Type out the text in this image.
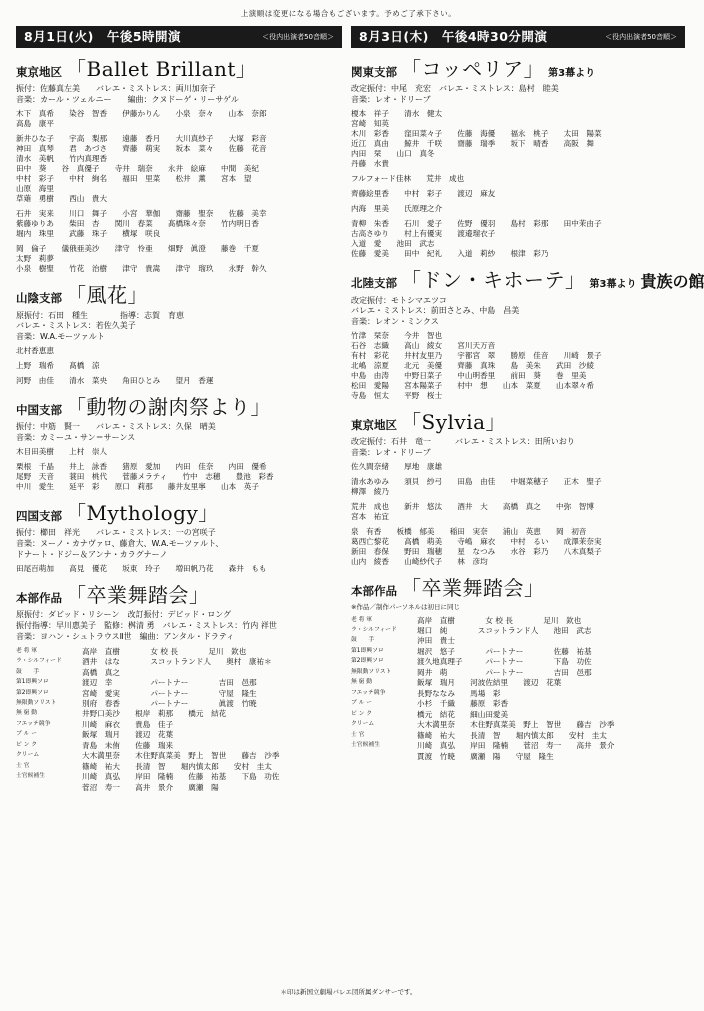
上演順は変更になる場合もございます。予めご了承下さい。
8月1日(火)　午後5時開演	＜役内出演者50音順＞
東京地区 「Ballet Brillant」
振付：佐藤真左美　　バレエ・ミストレス：両川加奈子
音楽：カール・ツェルニー　　編曲：クヌドーゲ・リーサゲル
木下　真希　　染谷　智香　　伊藤かりん　　小泉　奈々　　山本　奈郎
高島　康平
新井ひな子　　宇高　梨那　　遠藤　香月　　大川真紗子　　大塚　彩音
神田　真琴　　君　あづさ　　齊藤　萌実　　坂本　菜々　　佐藤　花音
清水　美帆　　竹内真理香
田中　葵　　谷　真優子　　寺井　瑞奈　　永井　絵麻　　中間　美紀
中村　彩子　　中村　絢名　　福田　里菜　　松井　薫　　宮本　望
山原　海里
草薙　勇樹　　西山　貴大
石井　実来　　川口　舞子　　小宮　華伽　　齋藤　聖奈　　佐藤　美幸
紫藤ゆりあ　　柴田　杏　　関川　春菜　　髙橋珠々奈　　竹内明日香
堀内　珠里　　武藤　珠子　　横塚　咲良
岡　倫子　　儀俄亜美沙　　津守　怜亜　　畑野　眞澄　　藤巻　千夏
太野　莉夢
小泉　樹聖　　竹花　治樹　　津守　貴嵩　　津守　瑠玖　　永野　幹久
山陰支部 「風花」
原振付：石田　種生　　　　指導：志賀　育恵
バレエ・ミストレス：若佐久美子
音楽：W.A.モーツァルト
北村香恵恵
上野　瑞希　　髙橋　涼
河野　由佳　　清水　菜央　　角田ひとみ　　望月　香運
中国支部 「動物の謝肉祭より」
振付：中筋　賢一　　バレエ・ミストレス：久保　晴美
音楽：カミーユ・サン＝サーンス
木目田美樹　　上村　崇人
栗根　千晶　　井上　詠香　　猪原　愛加　　内田　佳奈　　内田　優希
尾野　天音　　蓑田　桃代　　菅藤メラティ　　竹中　志穂　　豊池　彩香
中川　愛生　　延平　彩　　原口　莉那　　藤井友里寧　　山本　英子
四国支部 「Mythology」
振付：櫛田　祥光　　バレエ・ミストレス：一の宮咲子
音楽：ヌーノ・カナヴァロ、藤倉大、W.A.モーツァルト、
ドナート・ドジー＆アンナ・カラグナーノ
田尾百萌加　　高見　優花　　坂東　玲子　　増田帆乃花　　森井　もも
本部作品 「卒業舞踏会」
原振付：ダビッド・リシーン　改訂振付：デビッド・ロング
振付指導：早川惠美子　監修：桝清 勇　バレエ・ミストレス：竹内 祥世
音楽：ヨハン・シュトラウスⅡ世　編曲：アンタル・ドラティ
老 将 軍	高岸　直樹　　　　女 校 長　　　　足川　欽也
ラ・シルフィード	酒井　はな　　　　スコットランド人　　奥村　康祐＊
鼓　　手	高橋　真之
第1即興ソロ	渡辺　幸　　　　　パートナー　　　　吉田　邑那
第2即興ソロ	宮崎　愛実　　　　パートナー　　　　守屋　隆生
無限動ソリスト	別府　春香　　　　パートナー　　　　眞渡　竹暁
無 窮 動	井野口美沙　　根岸　莉那　　橋元　結花
フエッテ競争	川崎　麻衣　　貴島　佳子
ブ ル ー	飯塚　瑞月　　渡辺　花葉
ピ ン ク	青島　未侑　　佐藤　瑞来
クリーム	大木満里奈　　木住野真菜美　野上　智世　　藤吉　沙季
士 官	篠崎　祐大　　長清　智　　堀内慎太郎　　安村　圭太
士官候補生	川崎　真弘　　岸田　隆楠　　佐藤　祐基　　下島　功佐
菅沼　寿一　　高井　景介　　廣瀬　陽
8月3日(木)　午後4時30分開演	＜役内出演者50音順＞
関東支部 「コッペリア」 第3幕より
改定振付：中尾　充宏　バレエ・ミストレス：島村　睦美
音楽：レオ・ドリーブ
榎本　祥子　　清水　健太
宮崎　知英
木川　彩香　　窪田菜々子　　佐藤　海優　　福永　桃子　　太田　陽菜
近江　真由　　鯨井　千咲　　齋藤　瑞季　　坂下　晴香　　高阪　舞
内田　栞　　山口　真冬
丹藤　水貴
フルフォード佳林　　荒井　成也
齊藤絵里香　　中村　彩子　　渡辺　麻友
内海　里美　　氏原理之介
青柳　朱香　　石川　愛子　　佐野　優羽　　島村　彩那　　田中茉由子
古高さゆり　　村上有優実　　渡邉瑠衣子
入道　愛　　池田　武志
佐藤　愛美　　田中　紀礼　　入道　莉紗　　根津　彩乃
北陸支部 「ドン・キホーテ」 第3幕より 貴族の館
改定振付：モトシマエツコ
バレエ・ミストレス：前田さとみ、中島　昌美
音楽：レオン・ミンクス
竹津　栞奈　　今井　智也
石谷　志織　　高山　綾女　　宮川天万音
有村　彩花　　井村友里乃　　宇都宮　翠　　勝原　佳音　　川崎　景子
北嶋　涼夏　　北元　美優　　齊藤　真珠　　島　美朱　　武田　沙綾
中島　由涛　　中野日菜子　　中山明香里　　前田　葵　　巻　里美
松田　愛陽　　宮本陽菜子　　村中　想　　山本　菜夏　　山本翠々希
寺島　恒太　　平野　桜士
東京地区 「Sylvia」
改定振付：石井　竜一　　　バレエ・ミストレス：田所いおり
音楽：レオ・ドリーブ
佐久間奈緒　　厚地　康雄
清水あゆみ　　須貝　紗弓　　田島　由佳　　中堀菜穂子　　正木　聖子
柳澤　綾乃
荒井　成也　　新井　悠汰　　酒井　大　　高橋　真之　　中弥　智博
宮本　祐宜
泉　有香　　板橋　郁美　　稲田　実奈　　浦山　英恵　　岡　初音
葛西亡黎花　　高橋　萌美　　寺嶋　麻衣　　中村　るい　　成澤茉奈実
新田　春保　　野田　瑞穂　　星　なつみ　　水谷　彩乃　　八木真梨子
山内　綾香　　山崎紗代子　　林　彦均
本部作品 「卒業舞踏会」
※作品／制作パーソネルは初日に同じ
老 将 軍	高岸　直樹　　　　女 校 長　　　　足川　欽也
ラ・シルフィード	堀口　純　　　　スコットランド人　　池田　武志
鼓　　手	沖田　貴士
第1即興ソロ	堀沢　悠子　　　　パートナー　　　　佐藤　祐基
第2即興ソロ	渡久地真理子　　　パートナー　　　　下島　功佐
無限動ソリスト	岡井　萌　　　　　パートナー　　　　吉田　邑那
無 窮 動	飯塚　瑞月　　河波佐結里　　渡辺　花葉
フエッテ競争	長野ななみ　　馬場　彩
ブ ル ー	小杉　千織　　藤原　彩香
ピ ン ク	橋元　結花　　細山田愛美
クリーム	大木満里奈　　木住野真菜美　野上　智世　　藤吉　沙季
士 官	篠崎　祐大　　長清　智　　堀内慎太郎　　安村　圭太
士官候補生	川崎　真弘　　岸田　隆楠　　菅沼　寿一　　高井　景介
貫渡　竹暁　　廣瀬　陽　　守屋　隆生
＊印は新国立劇場バレエ団所属ダンサーです。
